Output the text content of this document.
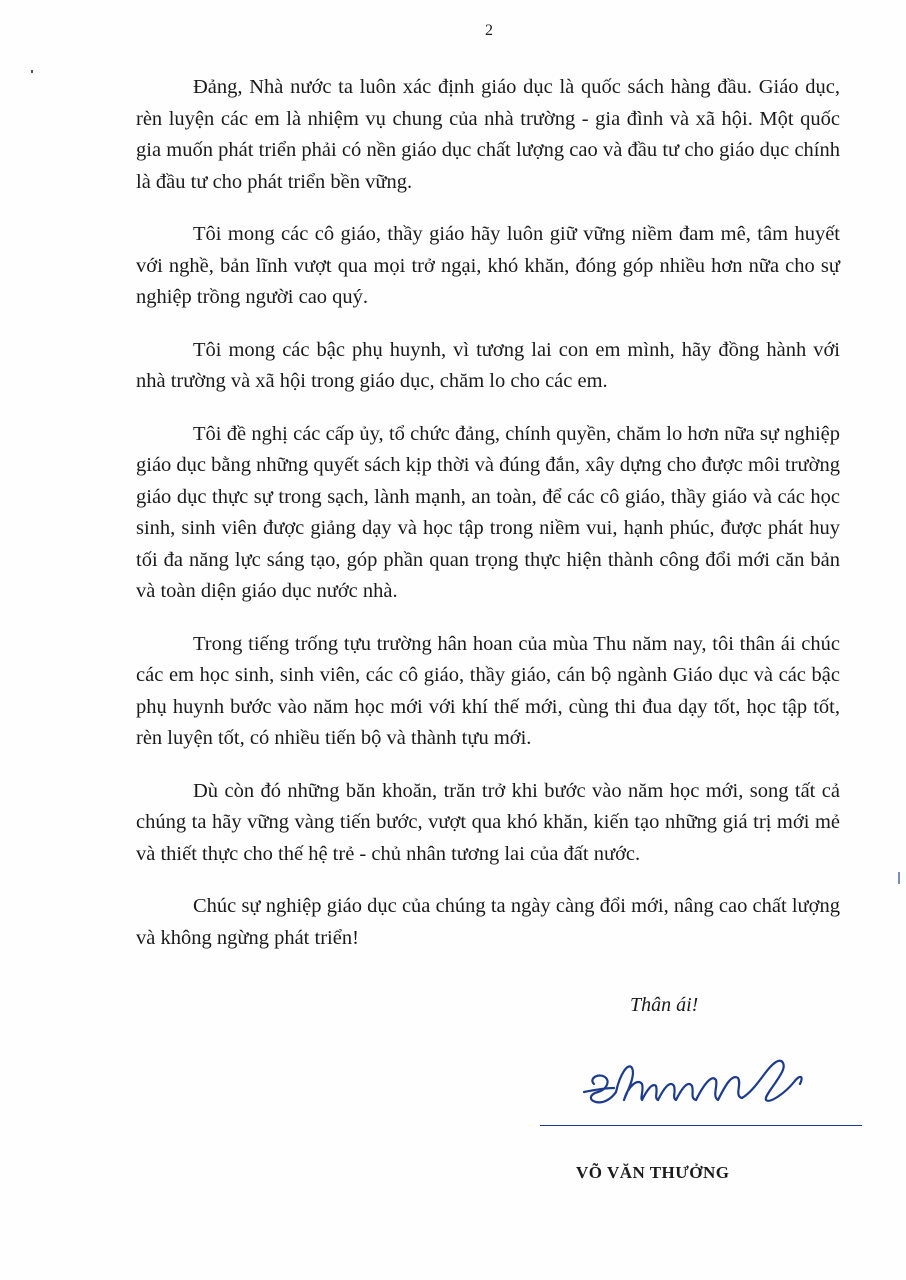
2

Đảng, Nhà nước ta luôn xác định giáo dục là quốc sách hàng đầu. Giáo dục, rèn luyện các em là nhiệm vụ chung của nhà trường - gia đình và xã hội. Một quốc gia muốn phát triển phải có nền giáo dục chất lượng cao và đầu tư cho giáo dục chính là đầu tư cho phát triển bền vững.

Tôi mong các cô giáo, thầy giáo hãy luôn giữ vững niềm đam mê, tâm huyết với nghề, bản lĩnh vượt qua mọi trở ngại, khó khăn, đóng góp nhiều hơn nữa cho sự nghiệp trồng người cao quý.

Tôi mong các bậc phụ huynh, vì tương lai con em mình, hãy đồng hành với nhà trường và xã hội trong giáo dục, chăm lo cho các em.

Tôi đề nghị các cấp ủy, tổ chức đảng, chính quyền, chăm lo hơn nữa sự nghiệp giáo dục bằng những quyết sách kịp thời và đúng đắn, xây dựng cho được môi trường giáo dục thực sự trong sạch, lành mạnh, an toàn, để các cô giáo, thầy giáo và các học sinh, sinh viên được giảng dạy và học tập trong niềm vui, hạnh phúc, được phát huy tối đa năng lực sáng tạo, góp phần quan trọng thực hiện thành công đổi mới căn bản và toàn diện giáo dục nước nhà.

Trong tiếng trống tựu trường hân hoan của mùa Thu năm nay, tôi thân ái chúc các em học sinh, sinh viên, các cô giáo, thầy giáo, cán bộ ngành Giáo dục và các bậc phụ huynh bước vào năm học mới với khí thế mới, cùng thi đua dạy tốt, học tập tốt, rèn luyện tốt, có nhiều tiến bộ và thành tựu mới.

Dù còn đó những băn khoăn, trăn trở khi bước vào năm học mới, song tất cả chúng ta hãy vững vàng tiến bước, vượt qua khó khăn, kiến tạo những giá trị mới mẻ và thiết thực cho thế hệ trẻ - chủ nhân tương lai của đất nước.

Chúc sự nghiệp giáo dục của chúng ta ngày càng đổi mới, nâng cao chất lượng và không ngừng phát triển!

Thân ái!
VÕ VĂN THƯỞNG
